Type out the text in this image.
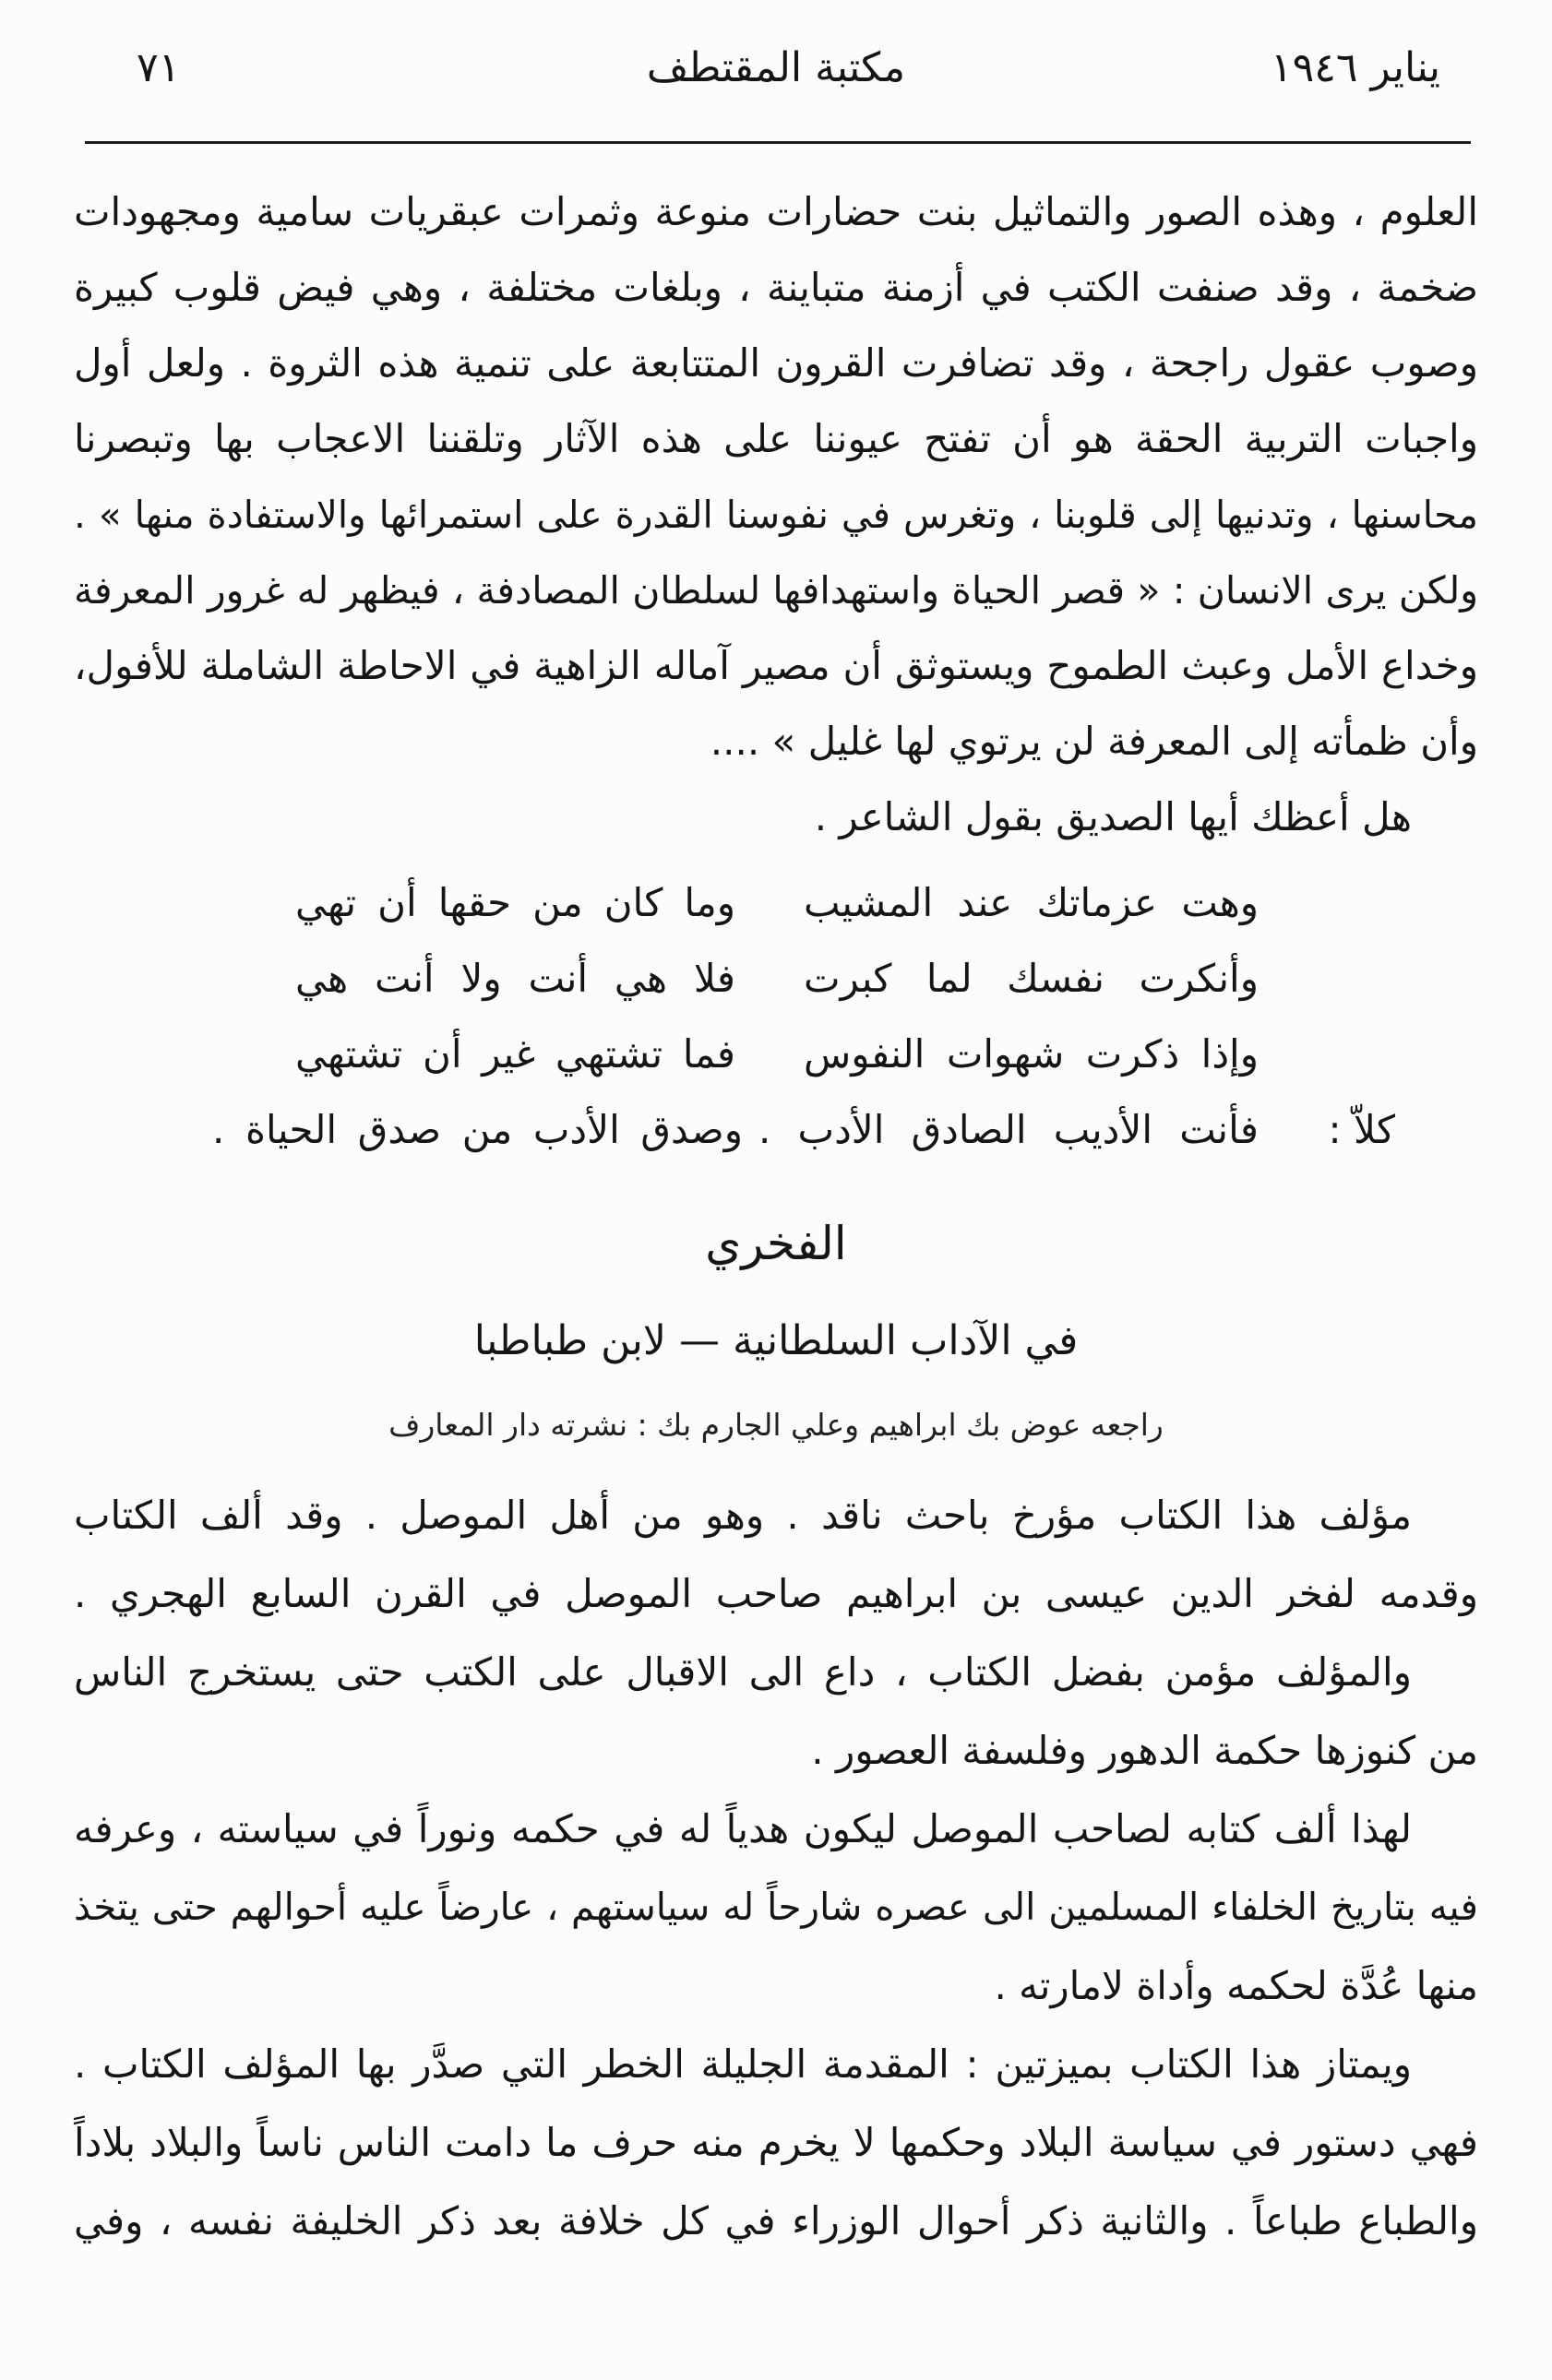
يناير ١٩٤٦
مكتبة المقتطف
٧١
العلوم ، وهذه الصور والتماثيل بنت حضارات منوعة وثمرات عبقريات سامية ومجهودات
ضخمة ، وقد صنفت الكتب في أزمنة متباينة ، وبلغات مختلفة ، وهي فيض قلوب كبيرة
وصوب عقول راجحة ، وقد تضافرت القرون المتتابعة على تنمية هذه الثروة . ولعل أول
واجبات التربية الحقة هو أن تفتح عيوننا على هذه الآثار وتلقننا الاعجاب بها وتبصرنا
محاسنها ، وتدنيها إلى قلوبنا ، وتغرس في نفوسنا القدرة على استمرائها والاستفادة منها » .
ولكن يرى الانسان : « قصر الحياة واستهدافها لسلطان المصادفة ، فيظهر له غرور المعرفة
وخداع الأمل وعبث الطموح ويستوثق أن مصير آماله الزاهية في الاحاطة الشاملة للأفول،
وأن ظمأته إلى المعرفة لن يرتوي لها غليل » ....
هل أعظك أيها الصديق بقول الشاعر .
وهت عزماتك عند المشيب
وما كان من حقها أن تهي
وأنكرت نفسك لما كبرت
فلا هي أنت ولا أنت هي
وإذا ذكرت شهوات النفوس
فما تشتهي غير أن تشتهي
كلاّ :
فأنت الأديب الصادق الأدب .
وصدق الأدب من صدق الحياة .
الفخري
في الآداب السلطانية — لابن طباطبا
راجعه عوض بك ابراهيم وعلي الجارم بك : نشرته دار المعارف
مؤلف هذا الكتاب مؤرخ باحث ناقد . وهو من أهل الموصل . وقد ألف الكتاب
وقدمه لفخر الدين عيسى بن ابراهيم صاحب الموصل في القرن السابع الهجري .
والمؤلف مؤمن بفضل الكتاب ، داع الى الاقبال على الكتب حتى يستخرج الناس
من كنوزها حكمة الدهور وفلسفة العصور .
لهذا ألف كتابه لصاحب الموصل ليكون هدياً له في حكمه ونوراً في سياسته ، وعرفه
فيه بتاريخ الخلفاء المسلمين الى عصره شارحاً له سياستهم ، عارضاً عليه أحوالهم حتى يتخذ
منها عُدَّة لحكمه وأداة لامارته .
ويمتاز هذا الكتاب بميزتين : المقدمة الجليلة الخطر التي صدَّر بها المؤلف الكتاب .
فهي دستور في سياسة البلاد وحكمها لا يخرم منه حرف ما دامت الناس ناساً والبلاد بلاداً
والطباع طباعاً . والثانية ذكر أحوال الوزراء في كل خلافة بعد ذكر الخليفة نفسه ، وفي
